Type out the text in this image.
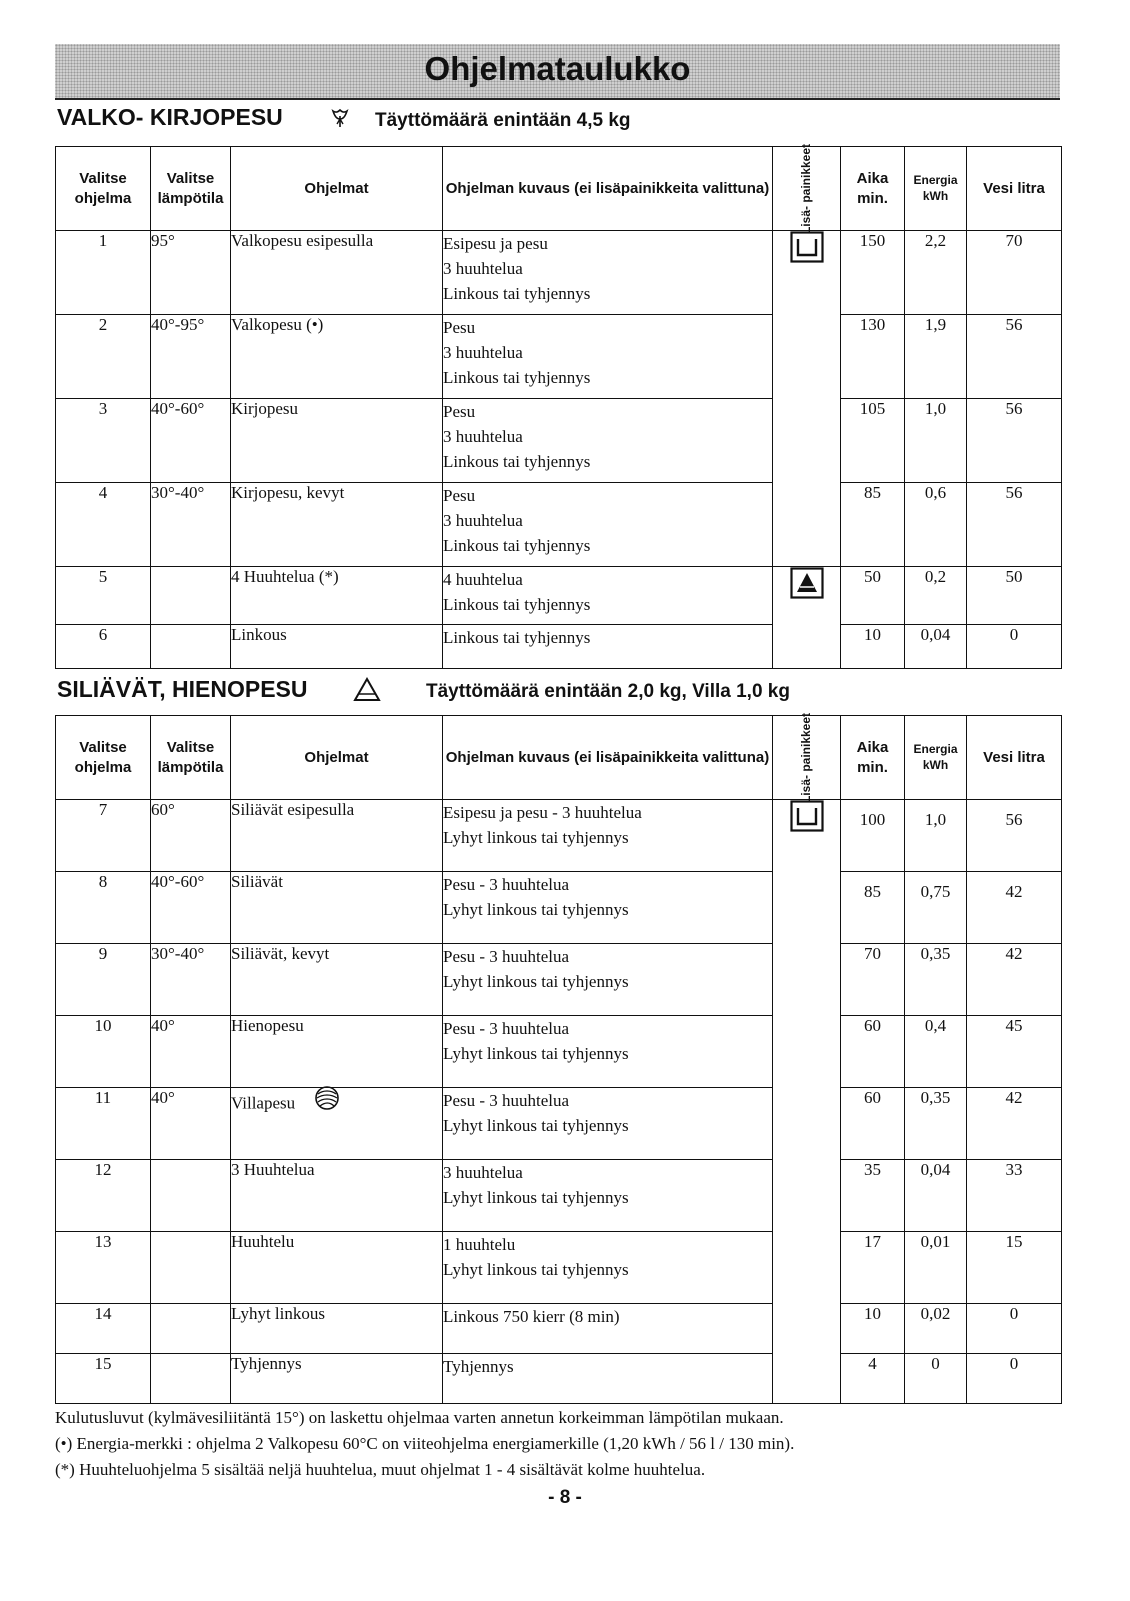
Ohjelmataulukko
VALKO- KIRJOPESU	Täyttömäärä enintään 4,5 kg
Valitse ohjelma	Valitse lämpötila	Ohjelmat	Ohjelman kuvaus (ei lisäpainikkeita valittuna)	Lisä- painikkeet	Aika min.	Energia kWh	Vesi litra
1	95°	Valkopesu esipesulla	Esipesu ja pesu
3 huuhtelua
Linkous tai tyhjennys		150	2,2	70
2	40°-95°	Valkopesu (•)	Pesu
3 huuhtelua
Linkous tai tyhjennys		130	1,9	56
3	40°-60°	Kirjopesu	Pesu
3 huuhtelua
Linkous tai tyhjennys		105	1,0	56
4	30°-40°	Kirjopesu, kevyt	Pesu
3 huuhtelua
Linkous tai tyhjennys		85	0,6	56
5		4 Huuhtelua (*)	4 huuhtelua
Linkous tai tyhjennys		50	0,2	50
6		Linkous	Linkous tai tyhjennys		10	0,04	0
SILIÄVÄT, HIENOPESU	Täyttömäärä enintään 2,0 kg, Villa 1,0 kg
Valitse ohjelma	Valitse lämpötila	Ohjelmat	Ohjelman kuvaus (ei lisäpainikkeita valittuna)	Lisä- painikkeet	Aika min.	Energia kWh	Vesi litra
7	60°	Siliävät esipesulla	Esipesu ja pesu - 3 huuhtelua
Lyhyt linkous tai tyhjennys		100	1,0	56
8	40°-60°	Siliävät	Pesu - 3 huuhtelua
Lyhyt linkous tai tyhjennys		85	0,75	42
9	30°-40°	Siliävät, kevyt	Pesu - 3 huuhtelua
Lyhyt linkous tai tyhjennys		70	0,35	42
10	40°	Hienopesu	Pesu - 3 huuhtelua
Lyhyt linkous tai tyhjennys		60	0,4	45
11	40°	Villapesu	Pesu - 3 huuhtelua
Lyhyt linkous tai tyhjennys		60	0,35	42
12		3 Huuhtelua	3 huuhtelua
Lyhyt linkous tai tyhjennys		35	0,04	33
13		Huuhtelu	1 huuhtelu
Lyhyt linkous tai tyhjennys		17	0,01	15
14		Lyhyt linkous	Linkous 750 kierr (8 min)		10	0,02	0
15		Tyhjennys	Tyhjennys		4	0	0
Kulutusluvut (kylmävesiliitäntä 15°) on laskettu ohjelmaa varten annetun korkeimman lämpötilan mukaan.
(•) Energia-merkki : ohjelma 2 Valkopesu 60°C on viiteohjelma energiamerkille (1,20 kWh / 56 l / 130 min).
(*) Huuhteluohjelma 5 sisältää neljä huuhtelua, muut ohjelmat 1 - 4 sisältävät kolme huuhtelua.
- 8 -
